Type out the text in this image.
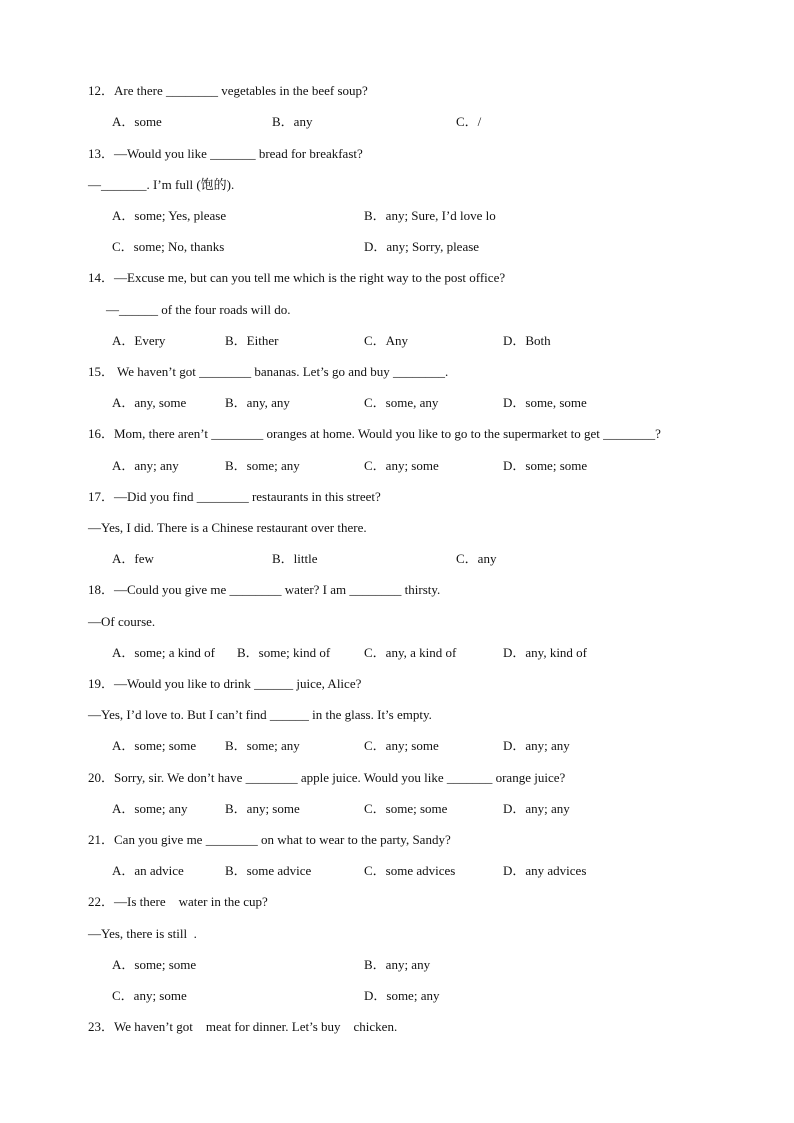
12．Are there ________ vegetables in the beef soup?
A．some	B．any	C．/
13．—Would you like _______ bread for breakfast?
—_______. I’m full (饱的).
A．some; Yes, please	B．any; Sure, I’d love lo
C．some; No, thanks	D．any; Sorry, please
14．—Excuse me, but can you tell me which is the right way to the post office?
—______ of the four roads will do.
A．Every	B．Either	C．Any	D．Both
15． We haven’t got ________ bananas. Let’s go and buy ________.
A．any, some	B．any, any	C．some, any	D．some, some
16．Mom, there aren’t ________ oranges at home. Would you like to go to the supermarket to get ________?
A．any; any	B．some; any	C．any; some	D．some; some
17．—Did you find ________ restaurants in this street?
—Yes, I did. There is a Chinese restaurant over there.
A．few	B．little	C．any
18．—Could you give me ________ water? I am ________ thirsty.
—Of course.
A．some; a kind of B．some; kind of	C．any, a kind of	D．any, kind of
19．—Would you like to drink ______ juice, Alice?
—Yes, I’d love to. But I can’t find ______ in the glass. It’s empty.
A．some; some B．some; any	C．any; some	D．any; any
20．Sorry, sir. We don’t have ________ apple juice. Would you like _______ orange juice?
A．some; any	B．any; some	C．some; some	D．any; any
21．Can you give me ________ on what to wear to the party, Sandy?
A．an advice	B．some advice	C．some advices	D．any advices
22．—Is there    water in the cup?
—Yes, there is still  .
A．some; some	B．any; any
C．any; some	D．some; any
23．We haven’t got    meat for dinner. Let’s buy    chicken.
